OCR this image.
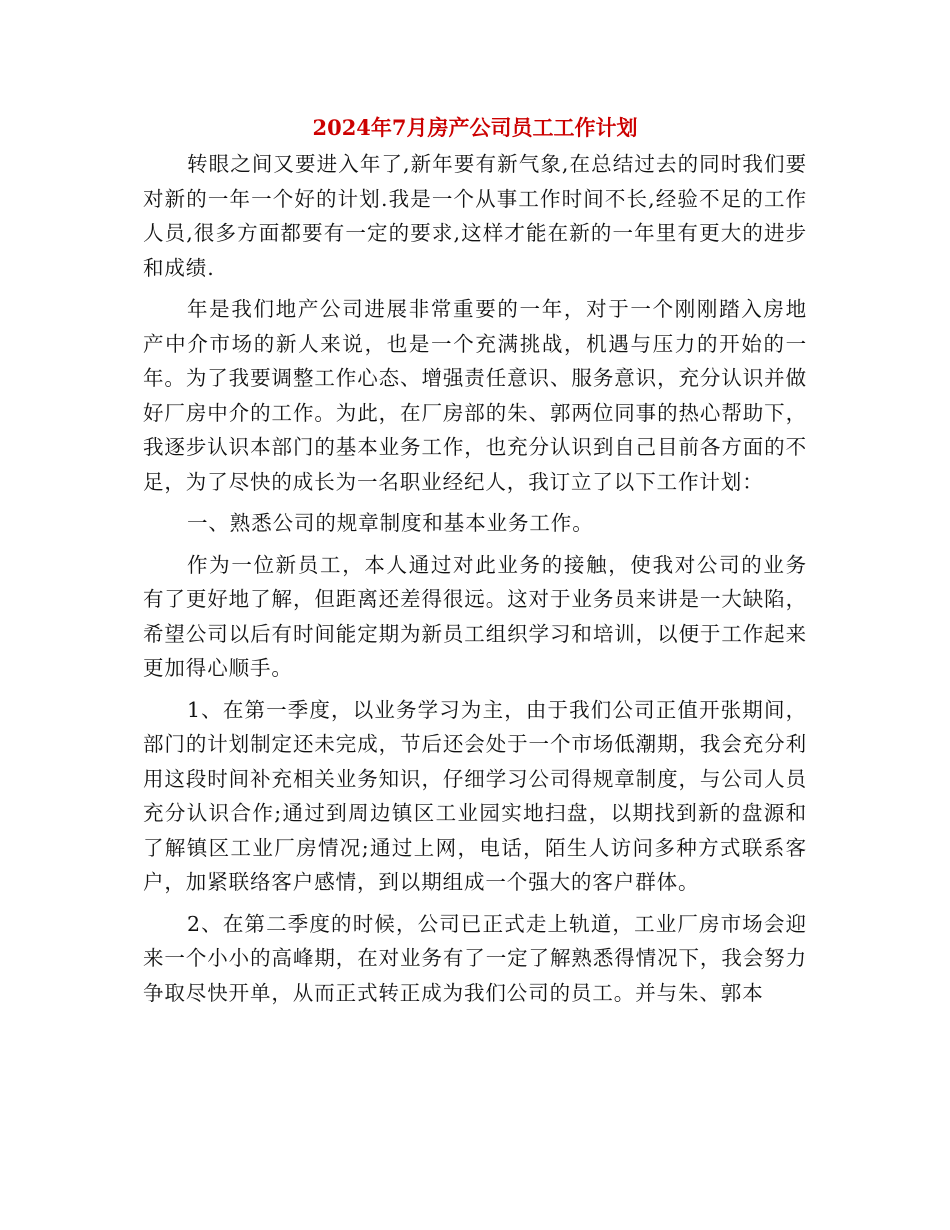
2024年7月房产公司员工工作计划

转眼之间又要进入年了,新年要有新气象,在总结过去的同时我们要对新的一年一个好的计划.我是一个从事工作时间不长,经验不足的工作人员,很多方面都要有一定的要求,这样才能在新的一年里有更大的进步和成绩.

年是我们地产公司进展非常重要的一年，对于一个刚刚踏入房地产中介市场的新人来说，也是一个充满挑战，机遇与压力的开始的一年。为了我要调整工作心态、增强责任意识、服务意识，充分认识并做好厂房中介的工作。为此，在厂房部的朱、郭两位同事的热心帮助下，我逐步认识本部门的基本业务工作，也充分认识到自己目前各方面的不足，为了尽快的成长为一名职业经纪人，我订立了以下工作计划：

一、熟悉公司的规章制度和基本业务工作。

作为一位新员工，本人通过对此业务的接触，使我对公司的业务有了更好地了解，但距离还差得很远。这对于业务员来讲是一大缺陷，希望公司以后有时间能定期为新员工组织学习和培训，以便于工作起来更加得心顺手。

1、在第一季度，以业务学习为主，由于我们公司正值开张期间，部门的计划制定还未完成，节后还会处于一个市场低潮期，我会充分利用这段时间补充相关业务知识，仔细学习公司得规章制度，与公司人员充分认识合作;通过到周边镇区工业园实地扫盘，以期找到新的盘源和了解镇区工业厂房情况;通过上网，电话，陌生人访问多种方式联系客户，加紧联络客户感情，到以期组成一个强大的客户群体。

2、在第二季度的时候，公司已正式走上轨道，工业厂房市场会迎来一个小小的高峰期，在对业务有了一定了解熟悉得情况下，我会努力争取尽快开单，从而正式转正成为我们公司的员工。并与朱、郭本
